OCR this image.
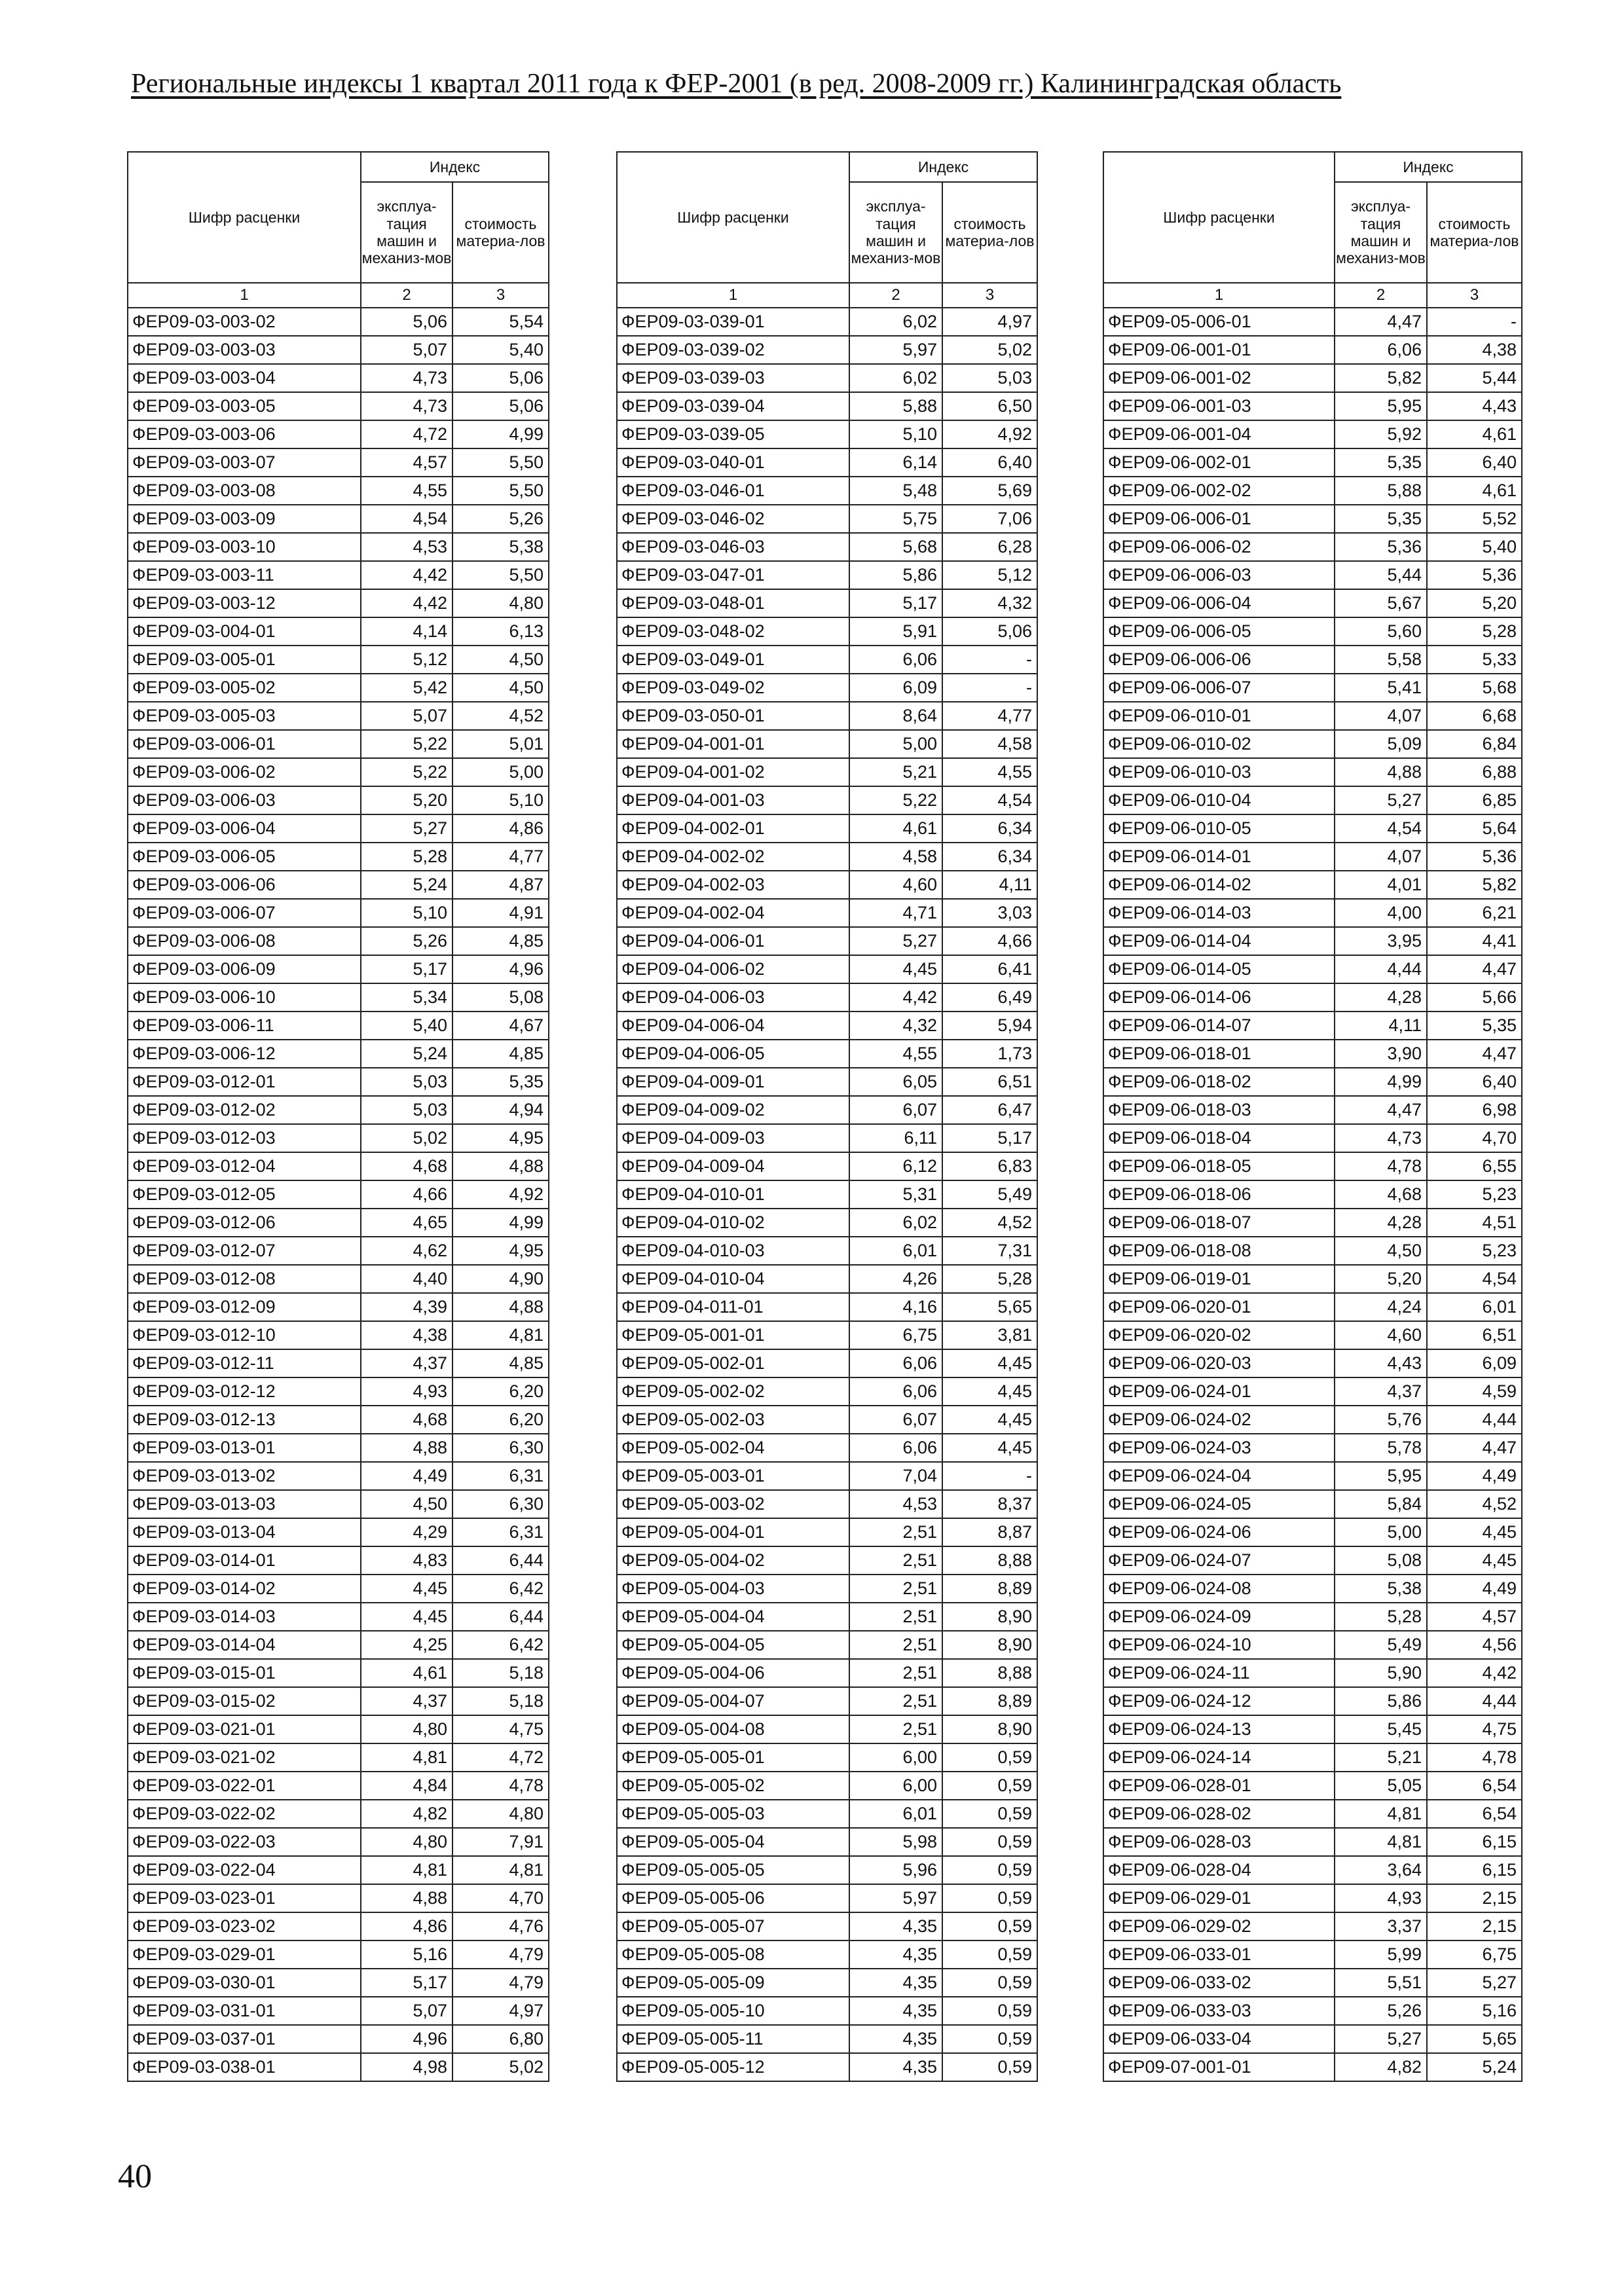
Региональные индексы 1 квартал 2011 года к ФЕР-2001 (в ред. 2008-2009 гг.) Калининградская область
Шифр расценки	Индекс	
	эксплуа-тация машин и механиз-мов	стоимость материа-лов
1	2	3
ФЕР09-03-003-02	5,06	5,54
ФЕР09-03-003-03	5,07	5,40
ФЕР09-03-003-04	4,73	5,06
ФЕР09-03-003-05	4,73	5,06
ФЕР09-03-003-06	4,72	4,99
ФЕР09-03-003-07	4,57	5,50
ФЕР09-03-003-08	4,55	5,50
ФЕР09-03-003-09	4,54	5,26
ФЕР09-03-003-10	4,53	5,38
ФЕР09-03-003-11	4,42	5,50
ФЕР09-03-003-12	4,42	4,80
ФЕР09-03-004-01	4,14	6,13
ФЕР09-03-005-01	5,12	4,50
ФЕР09-03-005-02	5,42	4,50
ФЕР09-03-005-03	5,07	4,52
ФЕР09-03-006-01	5,22	5,01
ФЕР09-03-006-02	5,22	5,00
ФЕР09-03-006-03	5,20	5,10
ФЕР09-03-006-04	5,27	4,86
ФЕР09-03-006-05	5,28	4,77
ФЕР09-03-006-06	5,24	4,87
ФЕР09-03-006-07	5,10	4,91
ФЕР09-03-006-08	5,26	4,85
ФЕР09-03-006-09	5,17	4,96
ФЕР09-03-006-10	5,34	5,08
ФЕР09-03-006-11	5,40	4,67
ФЕР09-03-006-12	5,24	4,85
ФЕР09-03-012-01	5,03	5,35
ФЕР09-03-012-02	5,03	4,94
ФЕР09-03-012-03	5,02	4,95
ФЕР09-03-012-04	4,68	4,88
ФЕР09-03-012-05	4,66	4,92
ФЕР09-03-012-06	4,65	4,99
ФЕР09-03-012-07	4,62	4,95
ФЕР09-03-012-08	4,40	4,90
ФЕР09-03-012-09	4,39	4,88
ФЕР09-03-012-10	4,38	4,81
ФЕР09-03-012-11	4,37	4,85
ФЕР09-03-012-12	4,93	6,20
ФЕР09-03-012-13	4,68	6,20
ФЕР09-03-013-01	4,88	6,30
ФЕР09-03-013-02	4,49	6,31
ФЕР09-03-013-03	4,50	6,30
ФЕР09-03-013-04	4,29	6,31
ФЕР09-03-014-01	4,83	6,44
ФЕР09-03-014-02	4,45	6,42
ФЕР09-03-014-03	4,45	6,44
ФЕР09-03-014-04	4,25	6,42
ФЕР09-03-015-01	4,61	5,18
ФЕР09-03-015-02	4,37	5,18
ФЕР09-03-021-01	4,80	4,75
ФЕР09-03-021-02	4,81	4,72
ФЕР09-03-022-01	4,84	4,78
ФЕР09-03-022-02	4,82	4,80
ФЕР09-03-022-03	4,80	7,91
ФЕР09-03-022-04	4,81	4,81
ФЕР09-03-023-01	4,88	4,70
ФЕР09-03-023-02	4,86	4,76
ФЕР09-03-029-01	5,16	4,79
ФЕР09-03-030-01	5,17	4,79
ФЕР09-03-031-01	5,07	4,97
ФЕР09-03-037-01	4,96	6,80
ФЕР09-03-038-01	4,98	5,02
Шифр расценки	Индекс	
	эксплуа-тация машин и механиз-мов	стоимость материа-лов
1	2	3
ФЕР09-03-039-01	6,02	4,97
ФЕР09-03-039-02	5,97	5,02
ФЕР09-03-039-03	6,02	5,03
ФЕР09-03-039-04	5,88	6,50
ФЕР09-03-039-05	5,10	4,92
ФЕР09-03-040-01	6,14	6,40
ФЕР09-03-046-01	5,48	5,69
ФЕР09-03-046-02	5,75	7,06
ФЕР09-03-046-03	5,68	6,28
ФЕР09-03-047-01	5,86	5,12
ФЕР09-03-048-01	5,17	4,32
ФЕР09-03-048-02	5,91	5,06
ФЕР09-03-049-01	6,06	-
ФЕР09-03-049-02	6,09	-
ФЕР09-03-050-01	8,64	4,77
ФЕР09-04-001-01	5,00	4,58
ФЕР09-04-001-02	5,21	4,55
ФЕР09-04-001-03	5,22	4,54
ФЕР09-04-002-01	4,61	6,34
ФЕР09-04-002-02	4,58	6,34
ФЕР09-04-002-03	4,60	4,11
ФЕР09-04-002-04	4,71	3,03
ФЕР09-04-006-01	5,27	4,66
ФЕР09-04-006-02	4,45	6,41
ФЕР09-04-006-03	4,42	6,49
ФЕР09-04-006-04	4,32	5,94
ФЕР09-04-006-05	4,55	1,73
ФЕР09-04-009-01	6,05	6,51
ФЕР09-04-009-02	6,07	6,47
ФЕР09-04-009-03	6,11	5,17
ФЕР09-04-009-04	6,12	6,83
ФЕР09-04-010-01	5,31	5,49
ФЕР09-04-010-02	6,02	4,52
ФЕР09-04-010-03	6,01	7,31
ФЕР09-04-010-04	4,26	5,28
ФЕР09-04-011-01	4,16	5,65
ФЕР09-05-001-01	6,75	3,81
ФЕР09-05-002-01	6,06	4,45
ФЕР09-05-002-02	6,06	4,45
ФЕР09-05-002-03	6,07	4,45
ФЕР09-05-002-04	6,06	4,45
ФЕР09-05-003-01	7,04	-
ФЕР09-05-003-02	4,53	8,37
ФЕР09-05-004-01	2,51	8,87
ФЕР09-05-004-02	2,51	8,88
ФЕР09-05-004-03	2,51	8,89
ФЕР09-05-004-04	2,51	8,90
ФЕР09-05-004-05	2,51	8,90
ФЕР09-05-004-06	2,51	8,88
ФЕР09-05-004-07	2,51	8,89
ФЕР09-05-004-08	2,51	8,90
ФЕР09-05-005-01	6,00	0,59
ФЕР09-05-005-02	6,00	0,59
ФЕР09-05-005-03	6,01	0,59
ФЕР09-05-005-04	5,98	0,59
ФЕР09-05-005-05	5,96	0,59
ФЕР09-05-005-06	5,97	0,59
ФЕР09-05-005-07	4,35	0,59
ФЕР09-05-005-08	4,35	0,59
ФЕР09-05-005-09	4,35	0,59
ФЕР09-05-005-10	4,35	0,59
ФЕР09-05-005-11	4,35	0,59
ФЕР09-05-005-12	4,35	0,59
Шифр расценки	Индекс	
	эксплуа-тация машин и механиз-мов	стоимость материа-лов
1	2	3
ФЕР09-05-006-01	4,47	-
ФЕР09-06-001-01	6,06	4,38
ФЕР09-06-001-02	5,82	5,44
ФЕР09-06-001-03	5,95	4,43
ФЕР09-06-001-04	5,92	4,61
ФЕР09-06-002-01	5,35	6,40
ФЕР09-06-002-02	5,88	4,61
ФЕР09-06-006-01	5,35	5,52
ФЕР09-06-006-02	5,36	5,40
ФЕР09-06-006-03	5,44	5,36
ФЕР09-06-006-04	5,67	5,20
ФЕР09-06-006-05	5,60	5,28
ФЕР09-06-006-06	5,58	5,33
ФЕР09-06-006-07	5,41	5,68
ФЕР09-06-010-01	4,07	6,68
ФЕР09-06-010-02	5,09	6,84
ФЕР09-06-010-03	4,88	6,88
ФЕР09-06-010-04	5,27	6,85
ФЕР09-06-010-05	4,54	5,64
ФЕР09-06-014-01	4,07	5,36
ФЕР09-06-014-02	4,01	5,82
ФЕР09-06-014-03	4,00	6,21
ФЕР09-06-014-04	3,95	4,41
ФЕР09-06-014-05	4,44	4,47
ФЕР09-06-014-06	4,28	5,66
ФЕР09-06-014-07	4,11	5,35
ФЕР09-06-018-01	3,90	4,47
ФЕР09-06-018-02	4,99	6,40
ФЕР09-06-018-03	4,47	6,98
ФЕР09-06-018-04	4,73	4,70
ФЕР09-06-018-05	4,78	6,55
ФЕР09-06-018-06	4,68	5,23
ФЕР09-06-018-07	4,28	4,51
ФЕР09-06-018-08	4,50	5,23
ФЕР09-06-019-01	5,20	4,54
ФЕР09-06-020-01	4,24	6,01
ФЕР09-06-020-02	4,60	6,51
ФЕР09-06-020-03	4,43	6,09
ФЕР09-06-024-01	4,37	4,59
ФЕР09-06-024-02	5,76	4,44
ФЕР09-06-024-03	5,78	4,47
ФЕР09-06-024-04	5,95	4,49
ФЕР09-06-024-05	5,84	4,52
ФЕР09-06-024-06	5,00	4,45
ФЕР09-06-024-07	5,08	4,45
ФЕР09-06-024-08	5,38	4,49
ФЕР09-06-024-09	5,28	4,57
ФЕР09-06-024-10	5,49	4,56
ФЕР09-06-024-11	5,90	4,42
ФЕР09-06-024-12	5,86	4,44
ФЕР09-06-024-13	5,45	4,75
ФЕР09-06-024-14	5,21	4,78
ФЕР09-06-028-01	5,05	6,54
ФЕР09-06-028-02	4,81	6,54
ФЕР09-06-028-03	4,81	6,15
ФЕР09-06-028-04	3,64	6,15
ФЕР09-06-029-01	4,93	2,15
ФЕР09-06-029-02	3,37	2,15
ФЕР09-06-033-01	5,99	6,75
ФЕР09-06-033-02	5,51	5,27
ФЕР09-06-033-03	5,26	5,16
ФЕР09-06-033-04	5,27	5,65
ФЕР09-07-001-01	4,82	5,24
40
